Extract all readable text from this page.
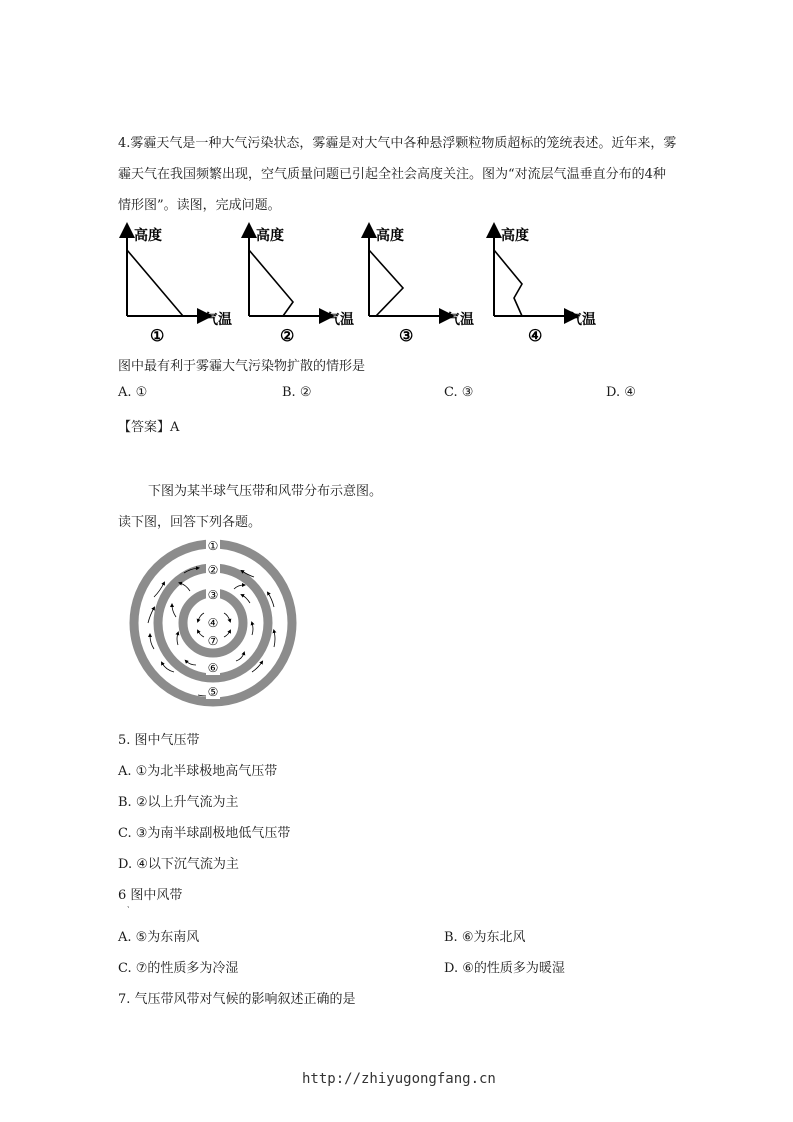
4.雾霾天气是一种大气污染状态，雾霾是对大气中各种悬浮颗粒物质超标的笼统表述。近年来，雾霾天气在我国频繁出现，空气质量问题已引起全社会高度关注。图为“对流层气温垂直分布的4种情形图”。读图，完成问题。
高度
气温
①
高度
气温
②
高度
气温
③
高度
气温
④
图中最有利于雾霾大气污染物扩散的情形是
A. ①	B. ②	C. ③	D. ④
【答案】A
下图为某半球气压带和风带分布示意图。
读下图，回答下列各题。
①
②
③
④
⑦
⑥
⑤
5. 图中气压带
A. ①为北半球极地高气压带
B. ②以上升气流为主
C. ③为南半球副极地低气压带
D. ④以下沉气流为主
6 图中风带
、
A. ⑤为东南风	B. ⑥为东北风
C. ⑦的性质多为冷湿	D. ⑥的性质多为暖湿
7. 气压带风带对气候的影响叙述正确的是
http://zhiyugongfang.cn
